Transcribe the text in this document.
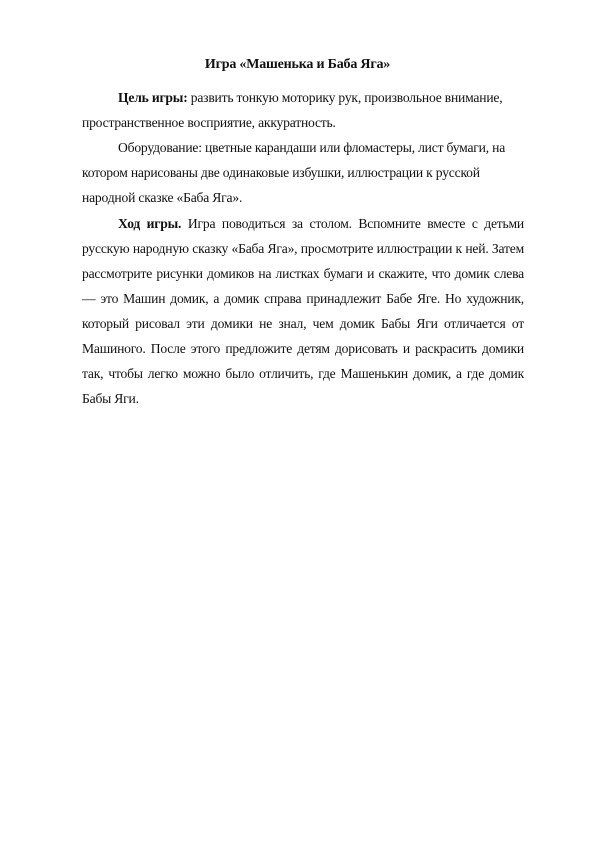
Игра «Машенька и Баба Яга»

Цель игры: развить тонкую моторику рук, произвольное внимание, пространственное восприятие, аккуратность.

Оборудование: цветные карандаши или фломастеры, лист бумаги, на котором нарисованы две одинаковые избушки, иллюстрации к русской народной сказке «Баба Яга».

Ход игры. Игра поводиться за столом. Вспомните вместе с детьми русскую народную сказку «Баба Яга», просмотрите иллюстрации к ней. Затем рассмотрите рисунки домиков на листках бумаги и скажите, что домик слева — это Машин домик, а домик справа принадлежит Бабе Яге. Но художник, который рисовал эти домики не знал, чем домик Бабы Яги отличается от Машиного. После этого предложите детям дорисовать и раскрасить домики так, чтобы легко можно было отличить, где Машенькин домик, а где домик Бабы Яги.
